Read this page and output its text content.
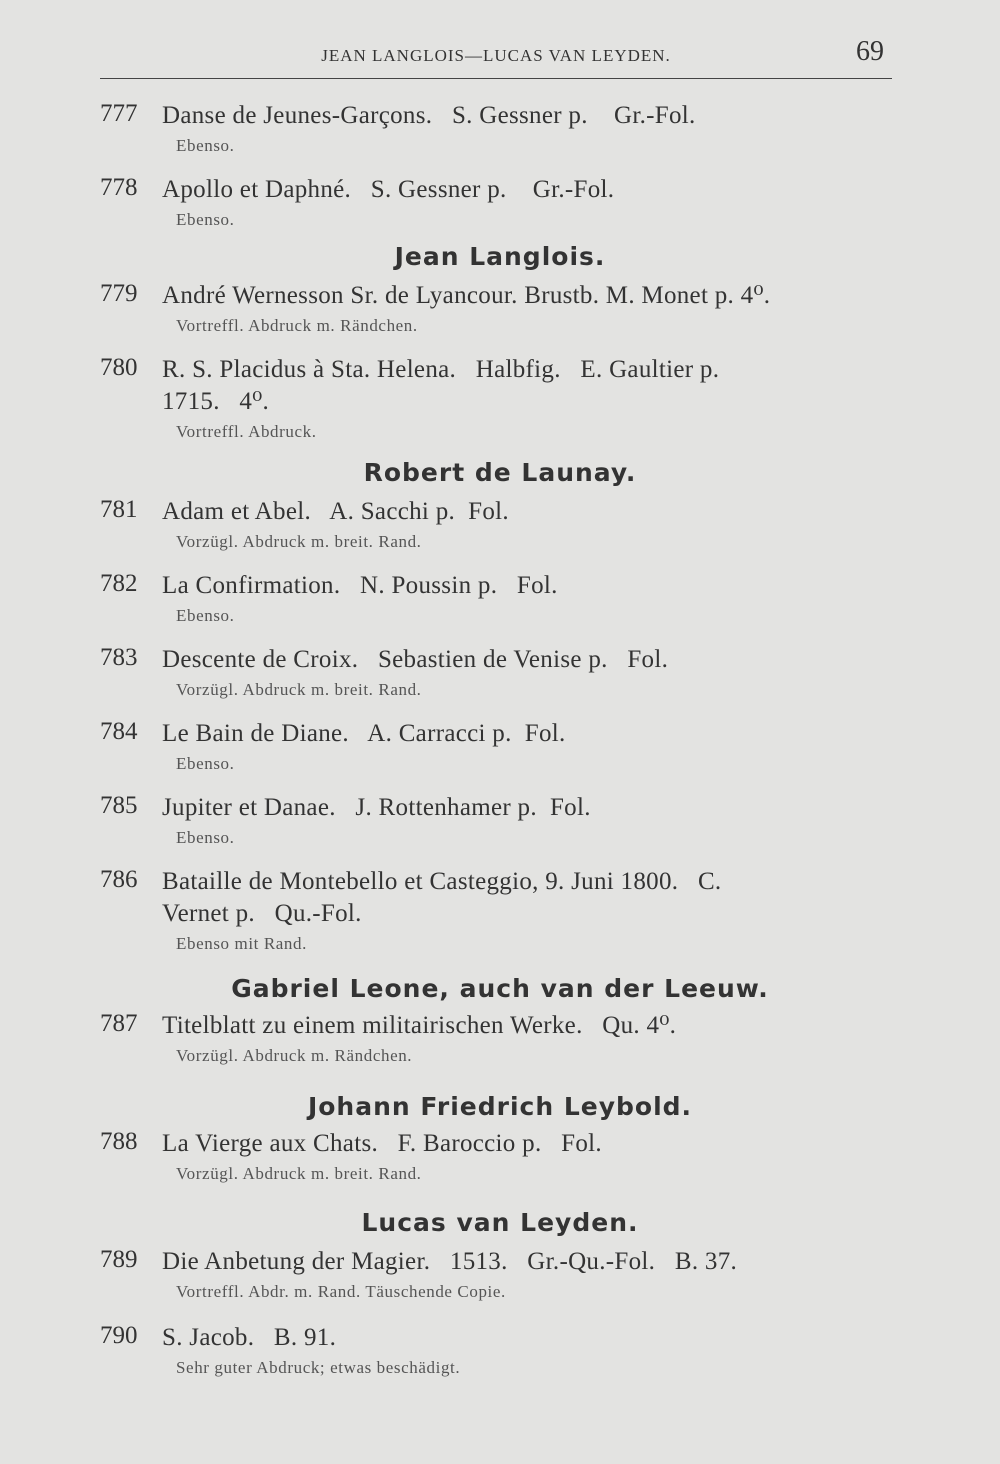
JEAN LANGLOIS—LUCAS VAN LEYDEN.	69
777 Danse de Jeunes-Garçons.   S. Gessner p.    Gr.-Fol.
Ebenso.
778 Apollo et Daphné.   S. Gessner p.    Gr.-Fol.
Ebenso.
Jean Langlois.
779 André Wernesson Sr. de Lyancour. Brustb. M. Monet p. 4⁰.
Vortreffl. Abdruck m. Rändchen.
780 R. S. Placidus à Sta. Helena.   Halbfig.   E. Gaultier p.
1715.   4⁰.
Vortreffl. Abdruck.
Robert de Launay.
781 Adam et Abel.   A. Sacchi p.  Fol.
Vorzügl. Abdruck m. breit. Rand.
782 La Confirmation.   N. Poussin p.   Fol.
Ebenso.
783 Descente de Croix.   Sebastien de Venise p.   Fol.
Vorzügl. Abdruck m. breit. Rand.
784 Le Bain de Diane.   A. Carracci p.  Fol.
Ebenso.
785 Jupiter et Danae.   J. Rottenhamer p.  Fol.
Ebenso.
786 Bataille de Montebello et Casteggio, 9. Juni 1800.   C.
Vernet p.   Qu.-Fol.
Ebenso mit Rand.
Gabriel Leone, auch van der Leeuw.
787 Titelblatt zu einem militairischen Werke.   Qu. 4⁰.
Vorzügl. Abdruck m. Rändchen.
Johann Friedrich Leybold.
788 La Vierge aux Chats.   F. Baroccio p.   Fol.
Vorzügl. Abdruck m. breit. Rand.
Lucas van Leyden.
789 Die Anbetung der Magier.   1513.   Gr.-Qu.-Fol.   B. 37.
Vortreffl. Abdr. m. Rand. Täuschende Copie.
790 S. Jacob.   B. 91.
Sehr guter Abdruck; etwas beschädigt.
